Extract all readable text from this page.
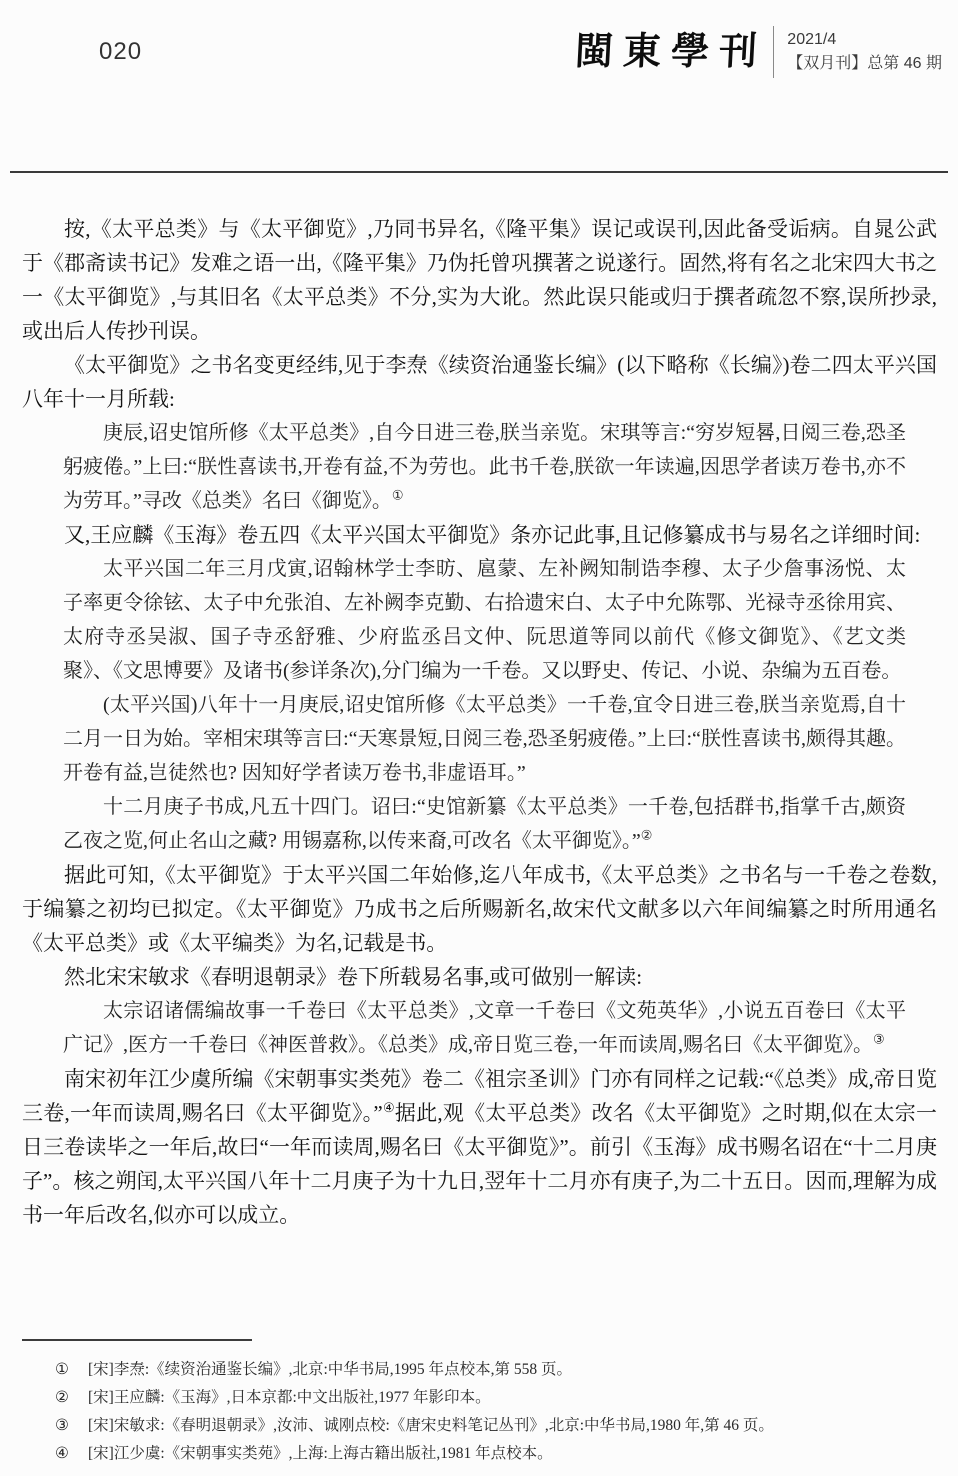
020	閩東學刊 2021/4
【双月刊】总第 46 期

按,《太平总类》与《太平御览》,乃同书异名,《隆平集》误记或误刊,因此备受诟病。自晁公武于《郡斋读书记》发难之语一出,《隆平集》乃伪托曾巩撰著之说遂行。固然,将有名之北宋四大书之一《太平御览》,与其旧名《太平总类》不分,实为大讹。然此误只能或归于撰者疏忽不察,误所抄录,或出后人传抄刊误。

《太平御览》之书名变更经纬,见于李焘《续资治通鉴长编》(以下略称《长编》)卷二四太平兴国八年十一月所载:

庚辰,诏史馆所修《太平总类》,自今日进三卷,朕当亲览。宋琪等言:“穷岁短晷,日阅三卷,恐圣躬疲倦。”上曰:“朕性喜读书,开卷有益,不为劳也。此书千卷,朕欲一年读遍,因思学者读万卷书,亦不为劳耳。”寻改《总类》名曰《御览》。①

又,王应麟《玉海》卷五四《太平兴国太平御览》条亦记此事,且记修纂成书与易名之详细时间:

太平兴国二年三月戊寅,诏翰林学士李昉、扈蒙、左补阙知制诰李穆、太子少詹事汤悦、太子率更令徐铉、太子中允张洎、左补阙李克勤、右拾遗宋白、太子中允陈鄂、光禄寺丞徐用宾、太府寺丞吴淑、国子寺丞舒雅、少府监丞吕文仲、阮思道等同以前代《修文御览》、《艺文类聚》、《文思博要》及诸书(参详条次),分门编为一千卷。又以野史、传记、小说、杂编为五百卷。

(太平兴国)八年十一月庚辰,诏史馆所修《太平总类》一千卷,宜令日进三卷,朕当亲览焉,自十二月一日为始。宰相宋琪等言曰:“天寒景短,日阅三卷,恐圣躬疲倦。”上曰:“朕性喜读书,颇得其趣。开卷有益,岂徒然也? 因知好学者读万卷书,非虚语耳。”

十二月庚子书成,凡五十四门。诏曰:“史馆新纂《太平总类》一千卷,包括群书,指掌千古,颇资乙夜之览,何止名山之藏? 用锡嘉称,以传来裔,可改名《太平御览》。”②

据此可知,《太平御览》于太平兴国二年始修,迄八年成书,《太平总类》之书名与一千卷之卷数,于编纂之初均已拟定。《太平御览》乃成书之后所赐新名,故宋代文献多以六年间编纂之时所用通名《太平总类》或《太平编类》为名,记载是书。

然北宋宋敏求《春明退朝录》卷下所载易名事,或可做别一解读:

太宗诏诸儒编故事一千卷曰《太平总类》,文章一千卷曰《文苑英华》,小说五百卷曰《太平广记》,医方一千卷曰《神医普救》。《总类》成,帝日览三卷,一年而读周,赐名曰《太平御览》。③

南宋初年江少虞所编《宋朝事实类苑》卷二《祖宗圣训》门亦有同样之记载:“《总类》成,帝日览三卷,一年而读周,赐名曰《太平御览》。”④据此,观《太平总类》改名《太平御览》之时期,似在太宗一日三卷读毕之一年后,故曰“一年而读周,赐名曰《太平御览》”。前引《玉海》成书赐名诏在“十二月庚子”。核之朔闰,太平兴国八年十二月庚子为十九日,翌年十二月亦有庚子,为二十五日。因而,理解为成书一年后改名,似亦可以成立。

① [宋]李焘:《续资治通鉴长编》,北京:中华书局,1995 年点校本,第 558 页。
② [宋]王应麟:《玉海》,日本京都:中文出版社,1977 年影印本。
③ [宋]宋敏求:《春明退朝录》,汝沛、诚刚点校:《唐宋史料笔记丛刊》,北京:中华书局,1980 年,第 46 页。
④ [宋]江少虞:《宋朝事实类苑》,上海:上海古籍出版社,1981 年点校本。
